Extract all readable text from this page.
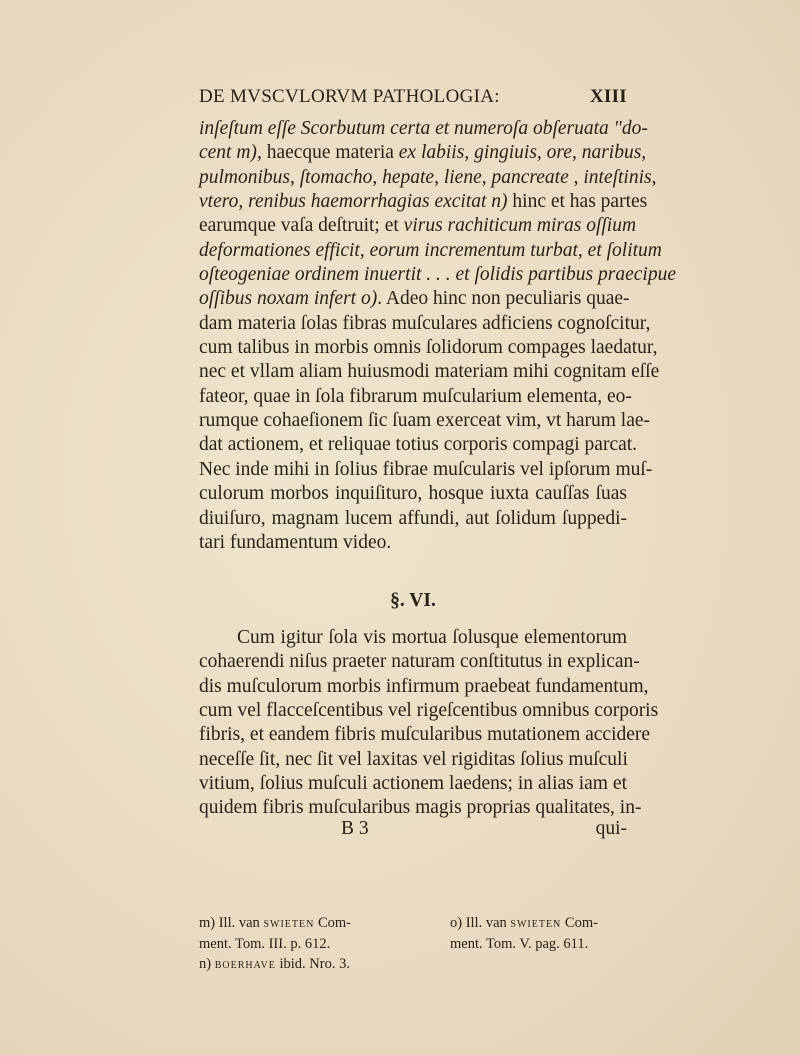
DE MVSCVLORVM PATHOLOGIA:	XIII
inſeſtum eſſe Scorbutum certa et numeroſa obſeruata "do-
cent m), haecque materia ex labiis, gingiuis, ore, naribus,
pulmonibus, ſtomacho, hepate, liene, pancreate , inteſtinis,
vtero, renibus haemorrhagias excitat n) hinc et has partes
earumque vaſa deſtruit; et virus rachiticum miras oſſium
deformationes efficit, eorum incrementum turbat, et ſolitum
oſteogeniae ordinem inuertit . . . et ſolidis partibus praecipue
oſſibus noxam infert o). Adeo hinc non peculiaris quae-
dam materia ſolas fibras muſculares adficiens cognoſcitur,
cum talibus in morbis omnis ſolidorum compages laedatur,
nec et vllam aliam huiusmodi materiam mihi cognitam eſſe
fateor, quae in ſola fibrarum muſcularium elementa, eo-
rumque cohaeſionem ſic ſuam exerceat vim, vt harum lae-
dat actionem, et reliquae totius corporis compagi parcat.
Nec inde mihi in ſolius fibrae muſcularis vel ipſorum muſ-
culorum morbos inquiſituro, hosque iuxta cauſſas ſuas
diuiſuro, magnam lucem affundi, aut ſolidum ſuppedi-
tari fundamentum video.
§. VI.
Cum igitur ſola vis mortua ſolusque elementorum
cohaerendi niſus praeter naturam conſtitutus in explican-
dis muſculorum morbis infirmum praebeat fundamentum,
cum vel flacceſcentibus vel rigeſcentibus omnibus corporis
fibris, et eandem fibris muſcularibus mutationem accidere
neceſſe ſit, nec ſit vel laxitas vel rigiditas ſolius muſculi
vitium, ſolius muſculi actionem laedens; in alias iam et
quidem fibris muſcularibus magis proprias qualitates, in-
B 3	qui-
m) Ill. van swieten Com-
ment. Tom. III. p. 612.
n) boerhave ibid. Nro. 3.
o) Ill. van swieten Com-
ment. Tom. V. pag. 611.
